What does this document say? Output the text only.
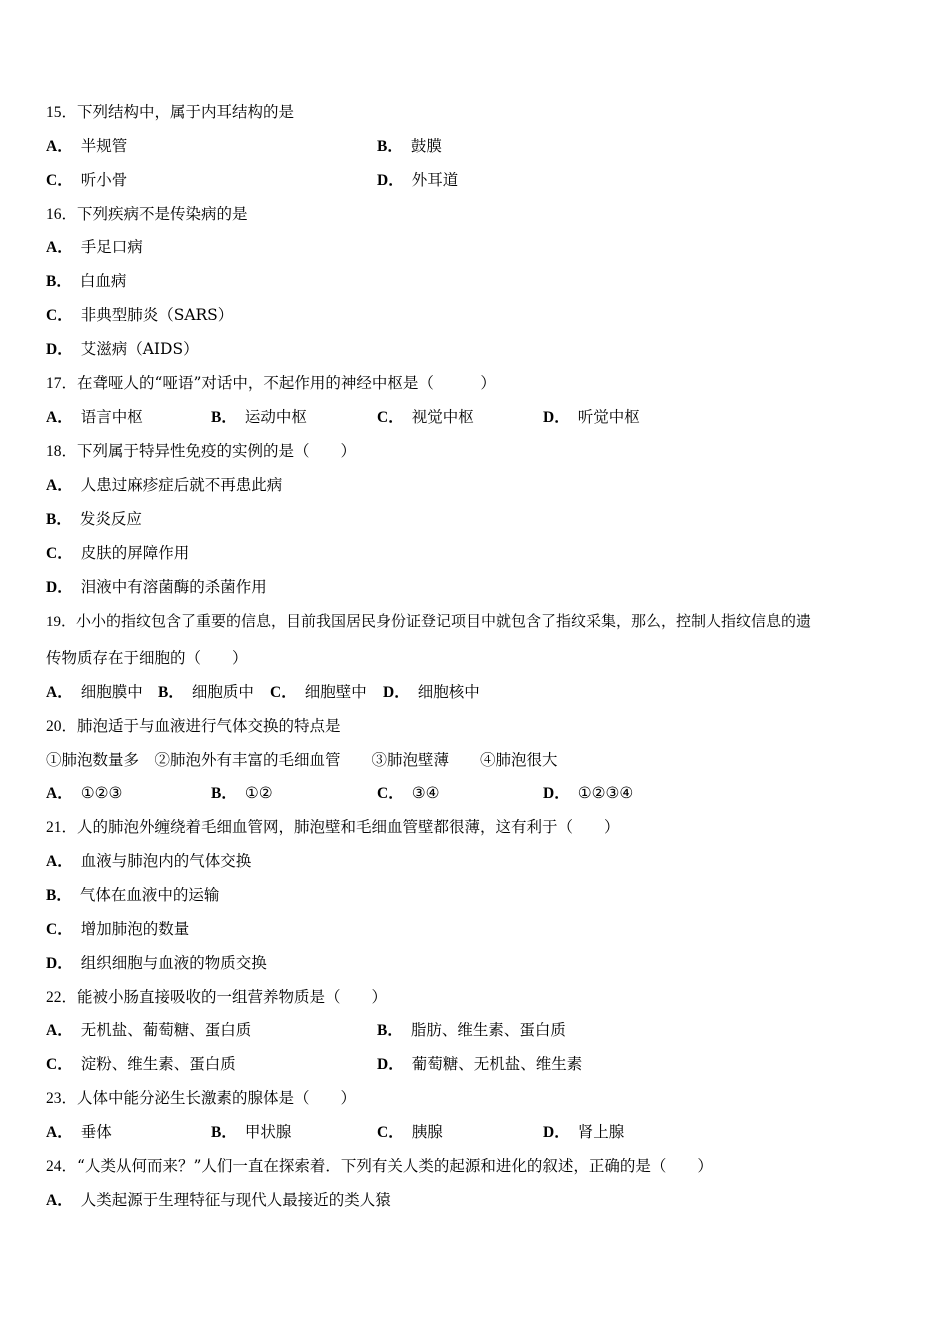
15．下列结构中，属于内耳结构的是
A． 半规管	B． 鼓膜
C． 听小骨	D． 外耳道
16．下列疾病不是传染病的是
A． 手足口病
B． 白血病
C． 非典型肺炎（SARS）
D． 艾滋病（AIDS）
17．在聋哑人的“哑语”对话中，不起作用的神经中枢是（　　　）
A． 语言中枢	B． 运动中枢	C． 视觉中枢	D． 听觉中枢
18．下列属于特异性免疫的实例的是（　　）
A． 人患过麻疹症后就不再患此病
B． 发炎反应
C． 皮肤的屏障作用
D． 泪液中有溶菌酶的杀菌作用
19．小小的指纹包含了重要的信息，目前我国居民身份证登记项目中就包含了指纹采集，那么，控制人指纹信息的遗
传物质存在于细胞的（　　）
A． 细胞膜中 B． 细胞质中 C． 细胞壁中 D． 细胞核中
20．肺泡适于与血液进行气体交换的特点是
①肺泡数量多　②肺泡外有丰富的毛细血管　　③肺泡壁薄　　④肺泡很大
A． ①②③	B． ①②	C． ③④	D． ①②③④
21．人的肺泡外缠绕着毛细血管网，肺泡壁和毛细血管壁都很薄，这有利于（　　）
A． 血液与肺泡内的气体交换
B． 气体在血液中的运输
C． 增加肺泡的数量
D． 组织细胞与血液的物质交换
22．能被小肠直接吸收的一组营养物质是（　　）
A． 无机盐、葡萄糖、蛋白质	B． 脂肪、维生素、蛋白质
C． 淀粉、维生素、蛋白质	D． 葡萄糖、无机盐、维生素
23．人体中能分泌生长激素的腺体是（　　）
A． 垂体	B． 甲状腺	C． 胰腺	D． 肾上腺
24．“人类从何而来？”人们一直在探索着．下列有关人类的起源和进化的叙述，正确的是（　　）
A． 人类起源于生理特征与现代人最接近的类人猿
